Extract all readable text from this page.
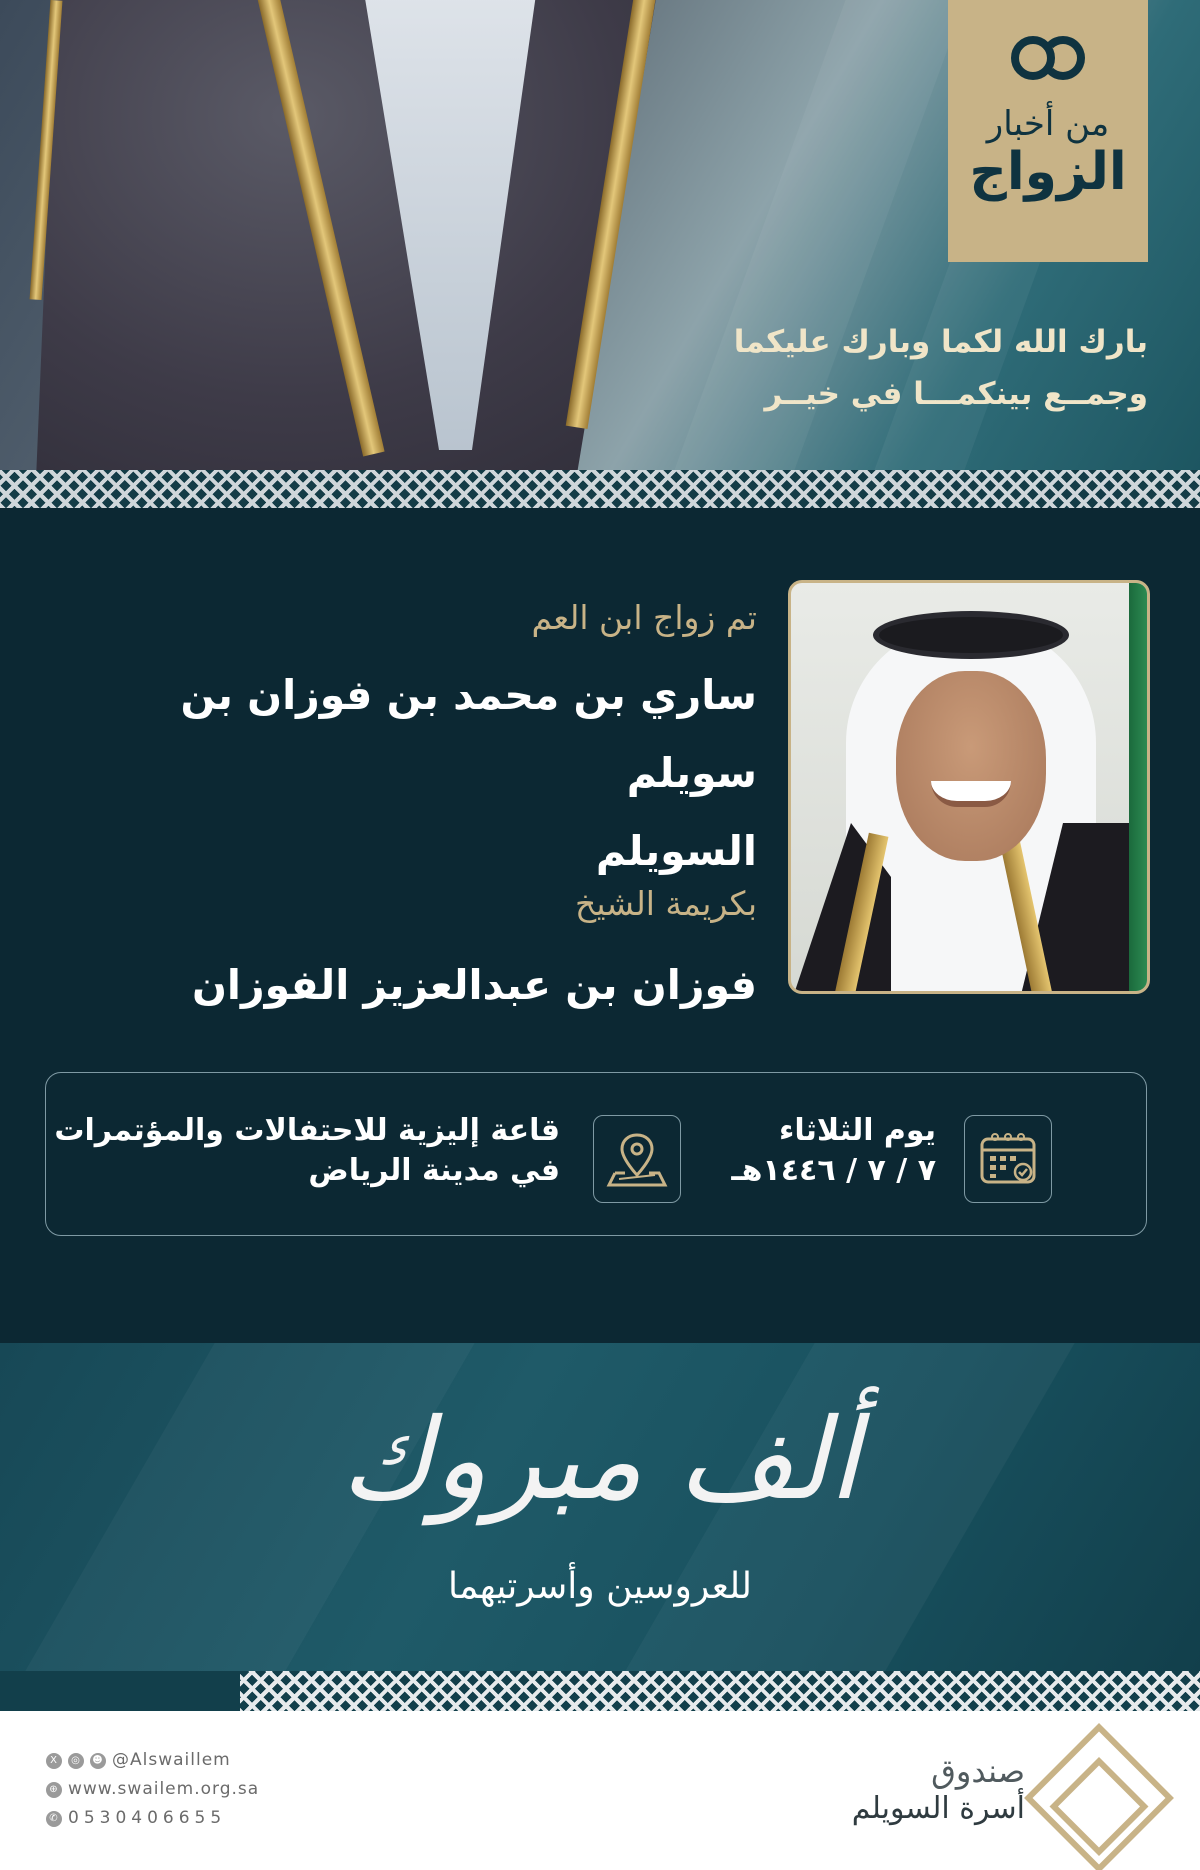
من أخبار
الزواج
بارك الله لكما وبارك عليكما
وجمــع بينكمـــا في خيــر
تم زواج ابن العم
ساري بن محمد بن فوزان بن سويلم
السويلم
بكريمة الشيخ
فوزان بن عبدالعزيز الفوزان
يوم الثلاثاء
٧ / ٧ / ١٤٤٦هـ
قاعة إليزية للاحتفالات والمؤتمرات
في مدينة الرياض
ألف مبروك
للعروسين وأسرتيهما
X	◎	☻ @Alswaillem
⊕ www.swailem.org.sa
✆ 0530406655
صندوق
أسرة السويلم
